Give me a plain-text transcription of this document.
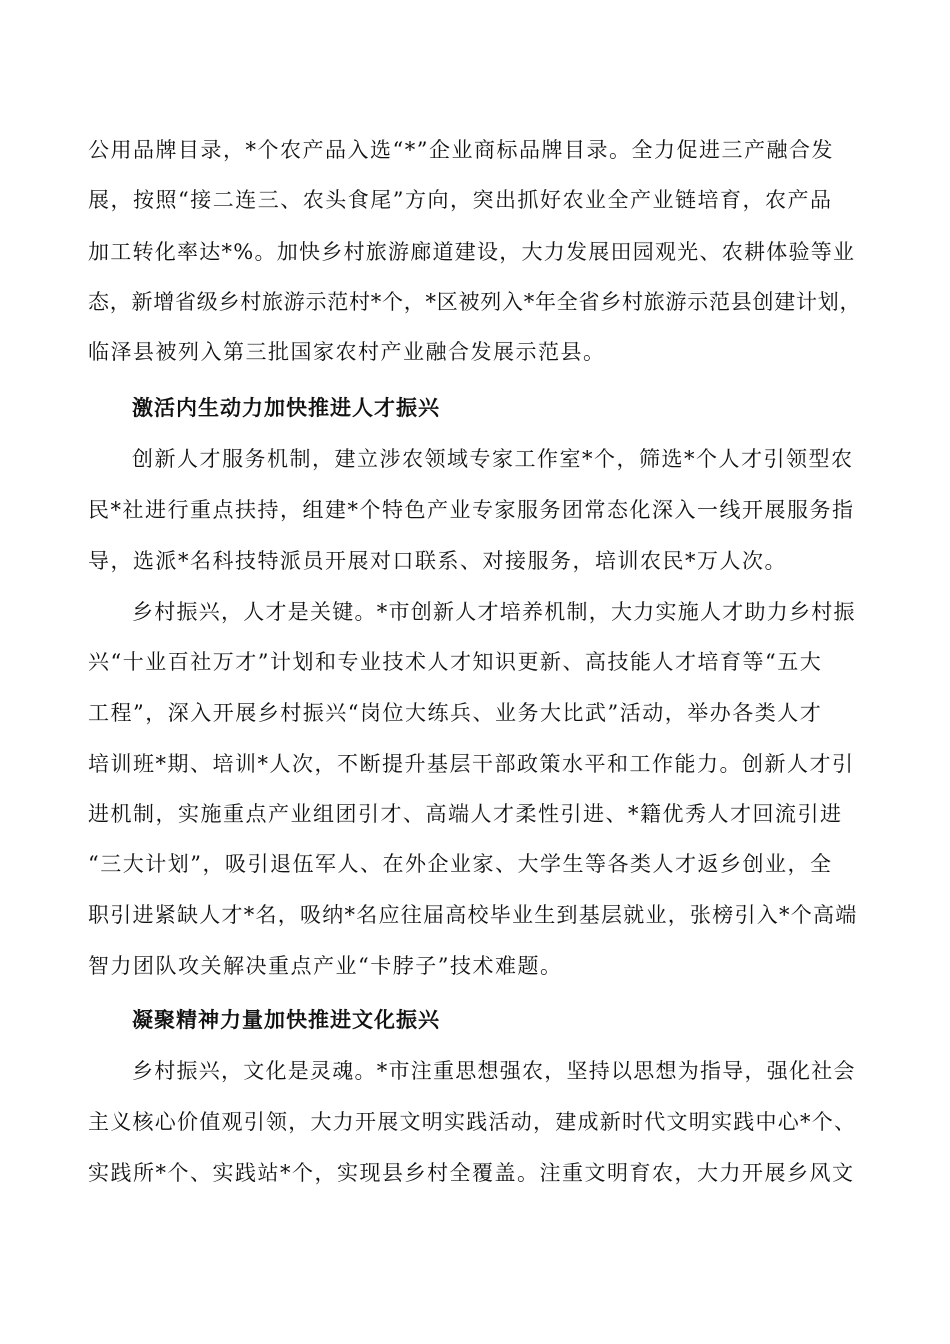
公用品牌目录，*个农产品入选“*”企业商标品牌目录。全力促进三产融合发
展，按照“接二连三、农头食尾”方向，突出抓好农业全产业链培育，农产品
加工转化率达*%。加快乡村旅游廊道建设，大力发展田园观光、农耕体验等业
态，新增省级乡村旅游示范村*个，*区被列入*年全省乡村旅游示范县创建计划，
临泽县被列入第三批国家农村产业融合发展示范县。
激活内生动力加快推进人才振兴
创新人才服务机制，建立涉农领域专家工作室*个，筛选*个人才引领型农
民*社进行重点扶持，组建*个特色产业专家服务团常态化深入一线开展服务指
导，选派*名科技特派员开展对口联系、对接服务，培训农民*万人次。
乡村振兴，人才是关键。*市创新人才培养机制，大力实施人才助力乡村振
兴“十业百社万才”计划和专业技术人才知识更新、高技能人才培育等“五大
工程”，深入开展乡村振兴“岗位大练兵、业务大比武”活动，举办各类人才
培训班*期、培训*人次，不断提升基层干部政策水平和工作能力。创新人才引
进机制，实施重点产业组团引才、高端人才柔性引进、*籍优秀人才回流引进
“三大计划”，吸引退伍军人、在外企业家、大学生等各类人才返乡创业，全
职引进紧缺人才*名，吸纳*名应往届高校毕业生到基层就业，张榜引入*个高端
智力团队攻关解决重点产业“卡脖子”技术难题。
凝聚精神力量加快推进文化振兴
乡村振兴，文化是灵魂。*市注重思想强农，坚持以思想为指导，强化社会
主义核心价值观引领，大力开展文明实践活动，建成新时代文明实践中心*个、
实践所*个、实践站*个，实现县乡村全覆盖。注重文明育农，大力开展乡风文
